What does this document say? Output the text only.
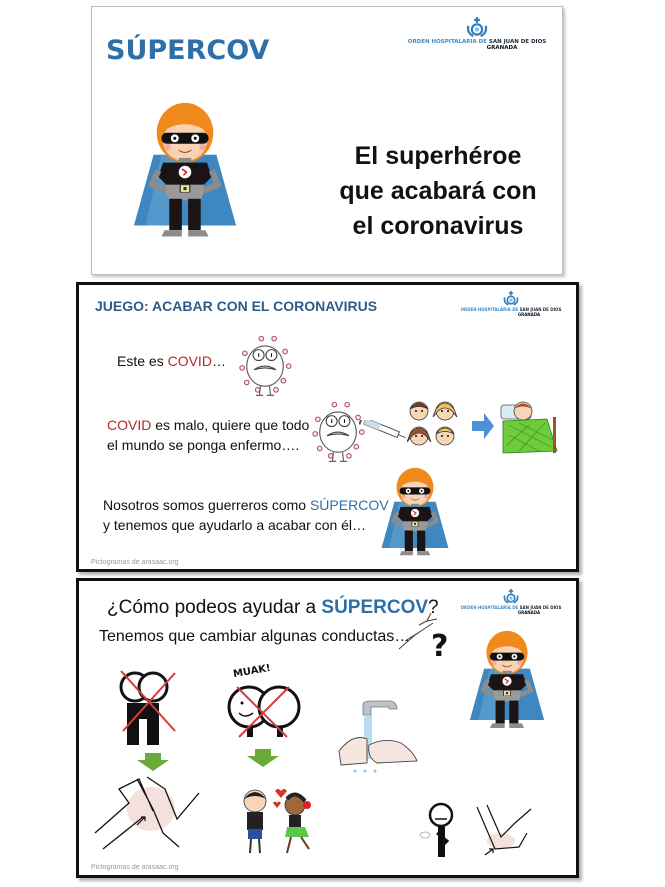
SÚPERCOV	ORDEN HOSPITALARIA DE SAN JUAN DE DIOS
GRANADA
El superhéroe
que acabará con
el coronavirus
JUEGO: ACABAR CON EL CORONAVIRUS	ORDEN HOSPITALARIA DE SAN JUAN DE DIOS
GRANADA
Este es COVID…
COVID es malo, quiere que todo
el mundo se ponga enfermo….
Nosotros somos guerreros como SÚPERCOV
y tenemos que ayudarlo a acabar con él…
Pictogramas de arasaac.org
¿Cómo podeos ayudar a SÚPERCOV?
Tenemos que cambiar algunas conductas…
ORDEN HOSPITALARIA DE SAN JUAN DE DIOS
GRANADA
MUAK!
?
Pictogramas de arasaac.org
